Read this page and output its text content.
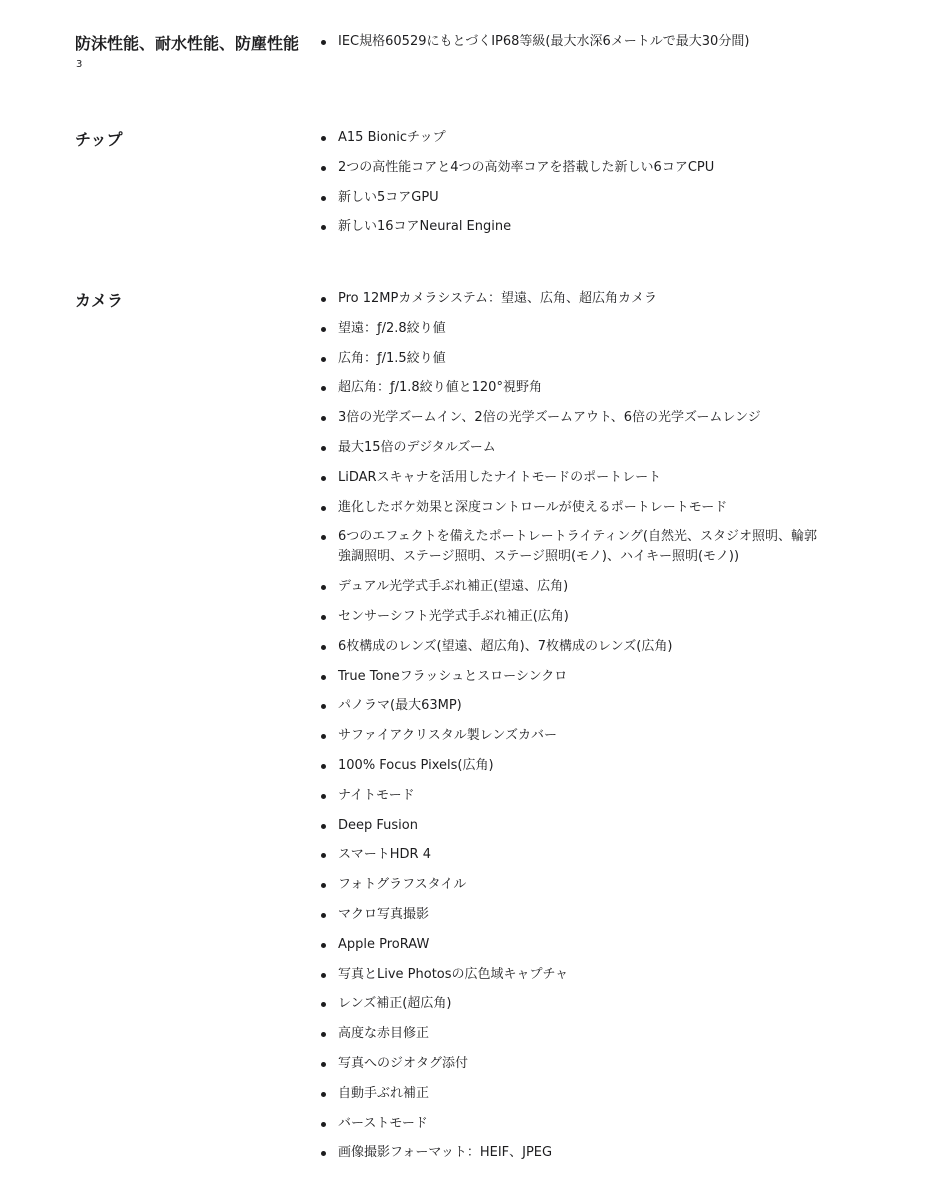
防沫性能、耐水性能、防塵性能$^3$
IEC規格60529にもとづくIP68等級(最大水深6メートルで最大30分間)
チップ	A15 Bionicチップ
2つの高性能コアと4つの高効率コアを搭載した新しい6コアCPU
新しい5コアGPU
新しい16コアNeural Engine
カメラ	Pro 12MPカメラシステム：望遠、広角、超広角カメラ
望遠：ƒ/2.8絞り値
広角：ƒ/1.5絞り値
超広角：ƒ/1.8絞り値と120°視野角
3倍の光学ズームイン、2倍の光学ズームアウト、6倍の光学ズームレンジ
最大15倍のデジタルズーム
LiDARスキャナを活用したナイトモードのポートレート
進化したボケ効果と深度コントロールが使えるポートレートモード
6つのエフェクトを備えたポートレートライティング(自然光、スタジオ照明、輪郭強調照明、ステージ照明、ステージ照明(モノ)、ハイキー照明(モノ))
デュアル光学式手ぶれ補正(望遠、広角)
センサーシフト光学式手ぶれ補正(広角)
6枚構成のレンズ(望遠、超広角)、7枚構成のレンズ(広角)
True Toneフラッシュとスローシンクロ
パノラマ(最大63MP)
サファイアクリスタル製レンズカバー
100% Focus Pixels(広角)
ナイトモード
Deep Fusion
スマートHDR 4
フォトグラフスタイル
マクロ写真撮影
Apple ProRAW
写真とLive Photosの広色域キャプチャ
レンズ補正(超広角)
高度な赤目修正
写真へのジオタグ添付
自動手ぶれ補正
バーストモード
画像撮影フォーマット：HEIF、JPEG
